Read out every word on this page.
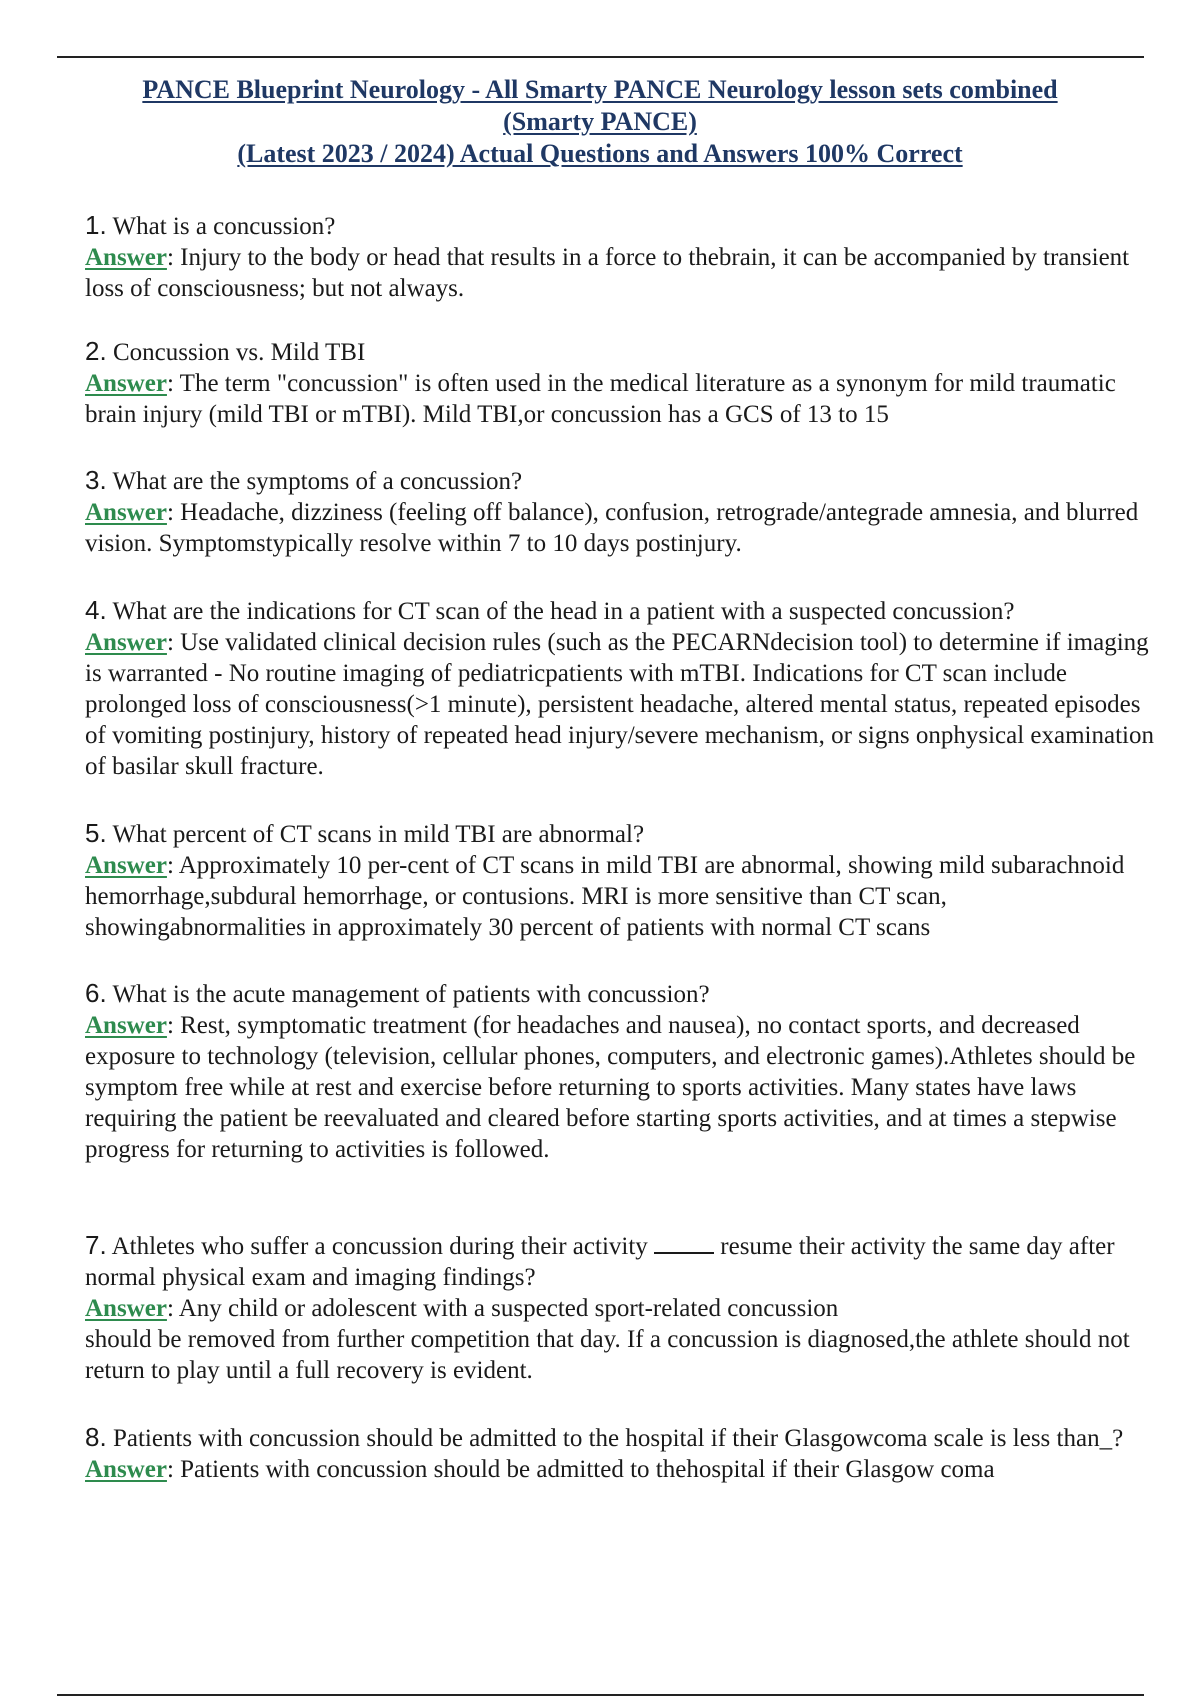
PANCE Blueprint Neurology - All Smarty PANCE Neurology lesson sets combined
(Smarty PANCE)
(Latest 2023 / 2024) Actual Questions and Answers 100% Correct
1. What is a concussion?
Answer: Injury to the body or head that results in a force to thebrain, it can be accompanied by transient loss of consciousness; but not always.
2. Concussion vs. Mild TBI
Answer: The term "concussion" is often used in the medical literature as a synonym for mild traumatic brain injury (mild TBI or mTBI). Mild TBI,or concussion has a GCS of 13 to 15
3. What are the symptoms of a concussion?
Answer: Headache, dizziness (feeling off balance), confusion, retrograde/antegrade amnesia, and blurred vision. Symptomstypically resolve within 7 to 10 days postinjury.
4. What are the indications for CT scan of the head in a patient with a suspected concussion?
Answer: Use validated clinical decision rules (such as the PECARNdecision tool) to determine if imaging is warranted - No routine imaging of pediatricpatients with mTBI. Indications for CT scan include prolonged loss of consciousness(>1 minute), persistent headache, altered mental status, repeated episodes of vomiting postinjury, history of repeated head injury/severe mechanism, or signs onphysical examination of basilar skull fracture.
5. What percent of CT scans in mild TBI are abnormal?
Answer: Approximately 10 per-cent of CT scans in mild TBI are abnormal, showing mild subarachnoid hemorrhage,subdural hemorrhage, or contusions. MRI is more sensitive than CT scan, showingabnormalities in approximately 30 percent of patients with normal CT scans
6. What is the acute management of patients with concussion?
Answer: Rest, symptomatic treatment (for headaches and nausea), no contact sports, and decreased exposure to technology (television, cellular phones, computers, and electronic games).Athletes should be symptom free while at rest and exercise before returning to sports activities. Many states have laws requiring the patient be reevaluated and cleared before starting sports activities, and at times a stepwise progress for returning to activities is followed.
7. Athletes who suffer a concussion during their activity	resume their activity the same day after normal physical exam and imaging findings?
Answer: Any child or adolescent with a suspected sport-related concussion
should be removed from further competition that day. If a concussion is diagnosed,the athlete should not return to play until a full recovery is evident.
8. Patients with concussion should be admitted to the hospital if their Glasgowcoma scale is less than_?
Answer: Patients with concussion should be admitted to thehospital if their Glasgow coma
